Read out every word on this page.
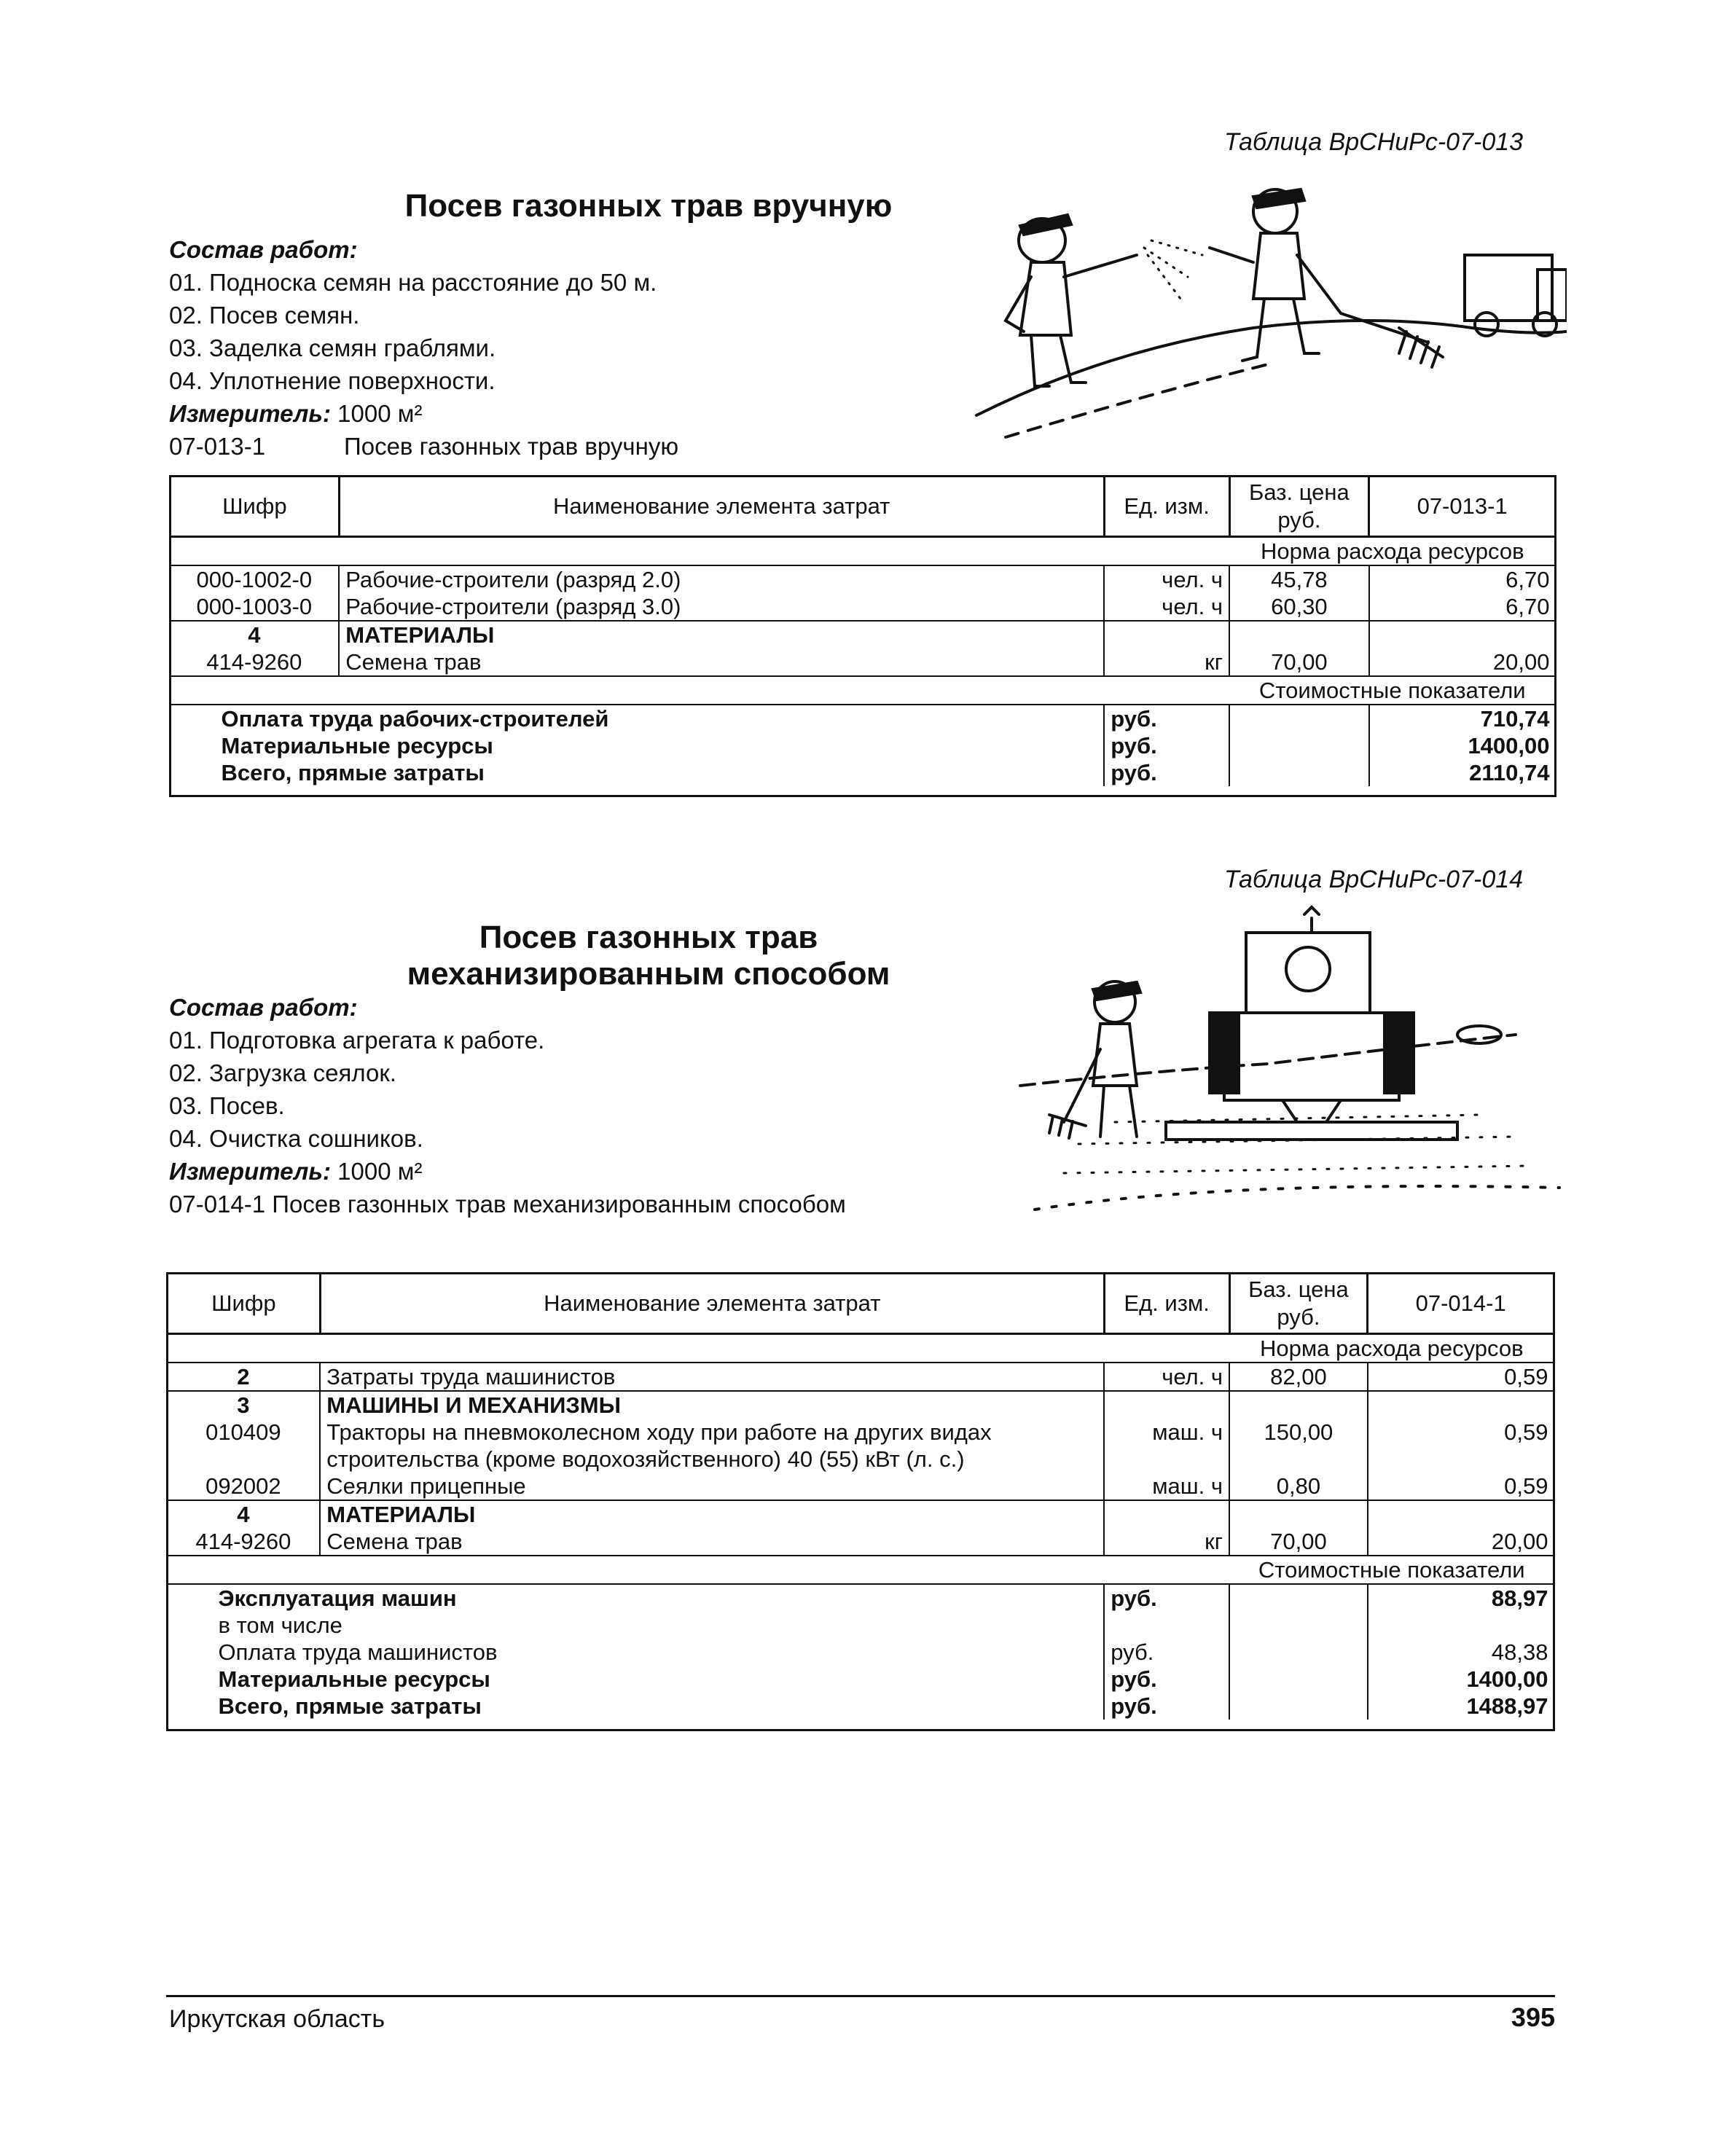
Таблица ВрСНиРс-07-013
Посев газонных трав вручную
Состав работ:
01. Подноска семян на расстояние до 50 м.
02. Посев семян.
03. Заделка семян граблями.
04. Уплотнение поверхности.
Измеритель: 1000 м²
07-013-1	Посев газонных трав вручную
Шифр	Наименование элемента затрат	Ед. изм.	Баз. цена руб.	07-013-1
			Норма расхода ресурсов	
000-1002-0	Рабочие-строители (разряд 2.0)	чел. ч	45,78	6,70
000-1003-0	Рабочие-строители (разряд 3.0)	чел. ч	60,30	6,70
4	МАТЕРИАЛЫ			
414-9260	Семена трав	кг	70,00	20,00
			Стоимостные показатели	
Оплата труда рабочих-строителей		руб.		710,74
Материальные ресурсы		руб.		1400,00
Всего, прямые затраты		руб.		2110,74
Таблица ВрСНиРс-07-014
Посев газонных трав
механизированным способом
Состав работ:
01. Подготовка агрегата к работе.
02. Загрузка сеялок.
03. Посев.
04. Очистка сошников.
Измеритель: 1000 м²
07-014-1 Посев газонных трав механизированным способом
Шифр	Наименование элемента затрат	Ед. изм.	Баз. цена руб.	07-014-1
			Норма расхода ресурсов	
2	Затраты труда машинистов	чел. ч	82,00	0,59
3	МАШИНЫ И МЕХАНИЗМЫ			
010409	Тракторы на пневмоколесном ходу при работе на других видах строительства (кроме водохозяйственного) 40 (55) кВт (л. с.)	маш. ч	150,00	0,59
092002	Сеялки прицепные	маш. ч	0,80	0,59
4	МАТЕРИАЛЫ			
414-9260	Семена трав	кг	70,00	20,00
			Стоимостные показатели	
Эксплуатация машин		руб.		88,97
в том числе				
Оплата труда машинистов		руб.		48,38
Материальные ресурсы		руб.		1400,00
Всего, прямые затраты		руб.		1488,97
Иркутская область	395
